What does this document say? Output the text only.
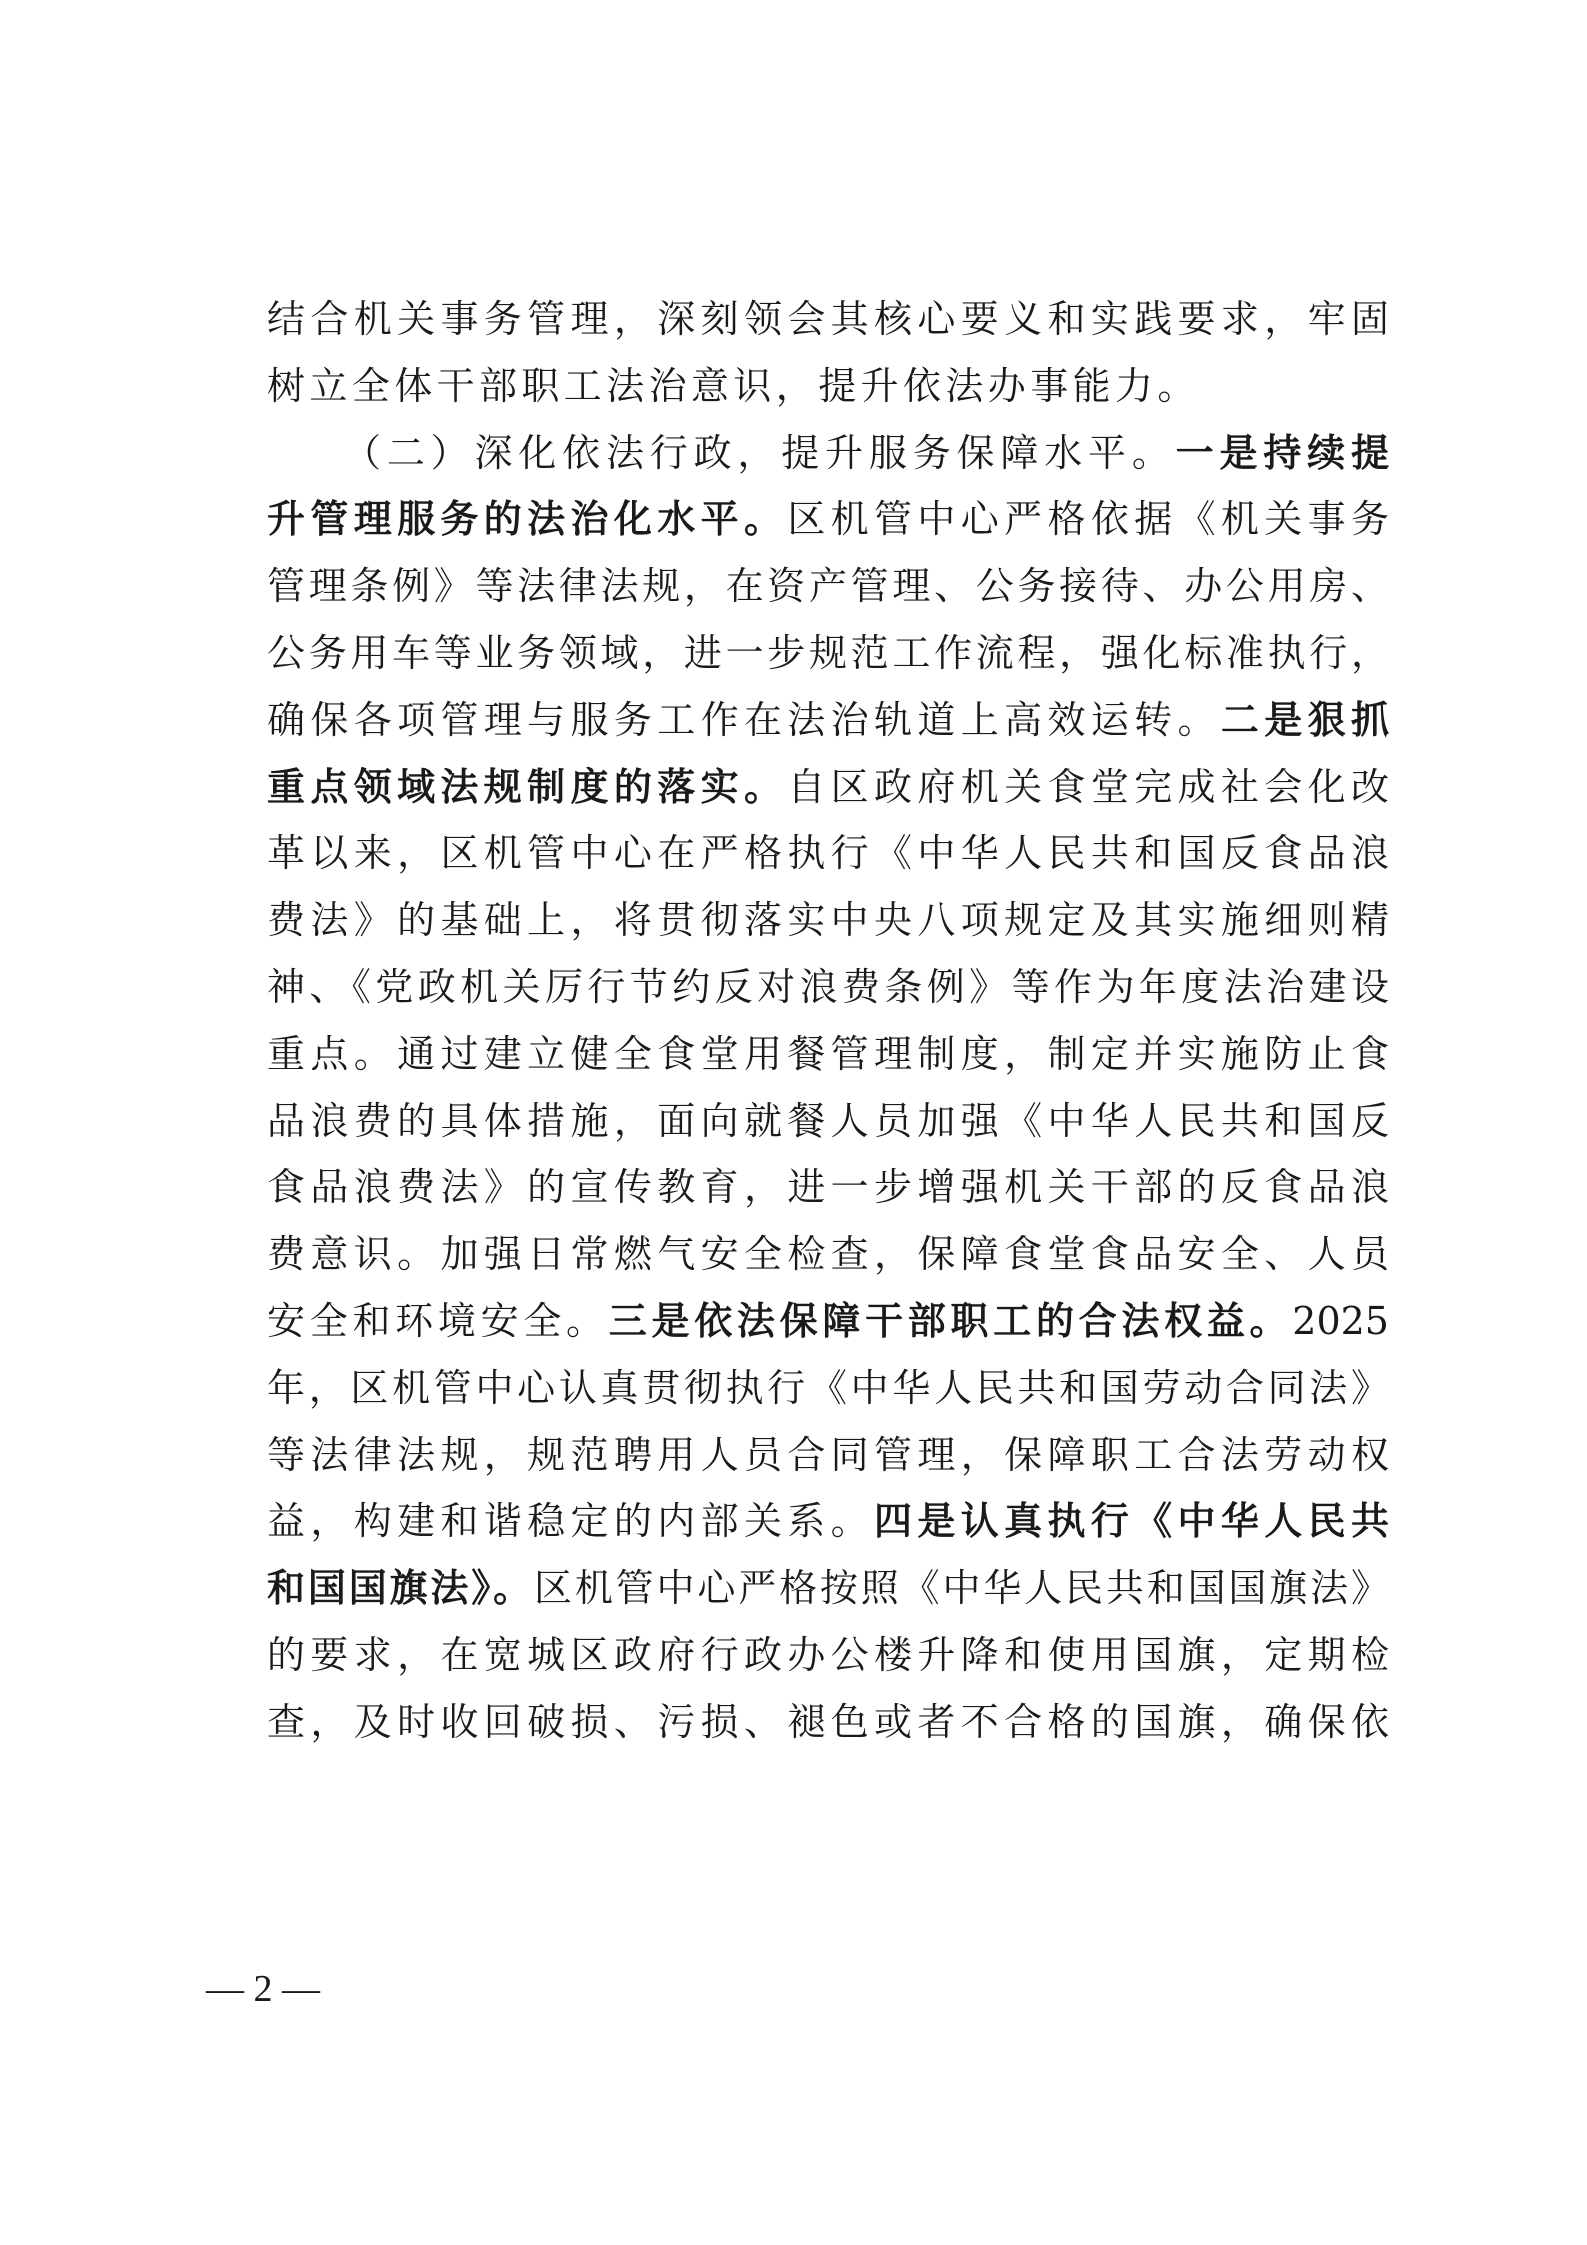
结合机关事务管理，深刻领会其核心要义和实践要求，牢固
树立全体干部职工法治意识，提升依法办事能力。
（二）深化依法行政，提升服务保障水平。一是持续提
升管理服务的法治化水平。区机管中心严格依据《机关事务
管理条例》等法律法规，在资产管理、公务接待、办公用房、
公务用车等业务领域，进一步规范工作流程，强化标准执行，
确保各项管理与服务工作在法治轨道上高效运转。二是狠抓
重点领域法规制度的落实。自区政府机关食堂完成社会化改
革以来，区机管中心在严格执行《中华人民共和国反食品浪
费法》的基础上，将贯彻落实中央八项规定及其实施细则精
神、《党政机关厉行节约反对浪费条例》等作为年度法治建设
重点。通过建立健全食堂用餐管理制度，制定并实施防止食
品浪费的具体措施，面向就餐人员加强《中华人民共和国反
食品浪费法》的宣传教育，进一步增强机关干部的反食品浪
费意识。加强日常燃气安全检查，保障食堂食品安全、人员
安全和环境安全。三是依法保障干部职工的合法权益。2025
年，区机管中心认真贯彻执行《中华人民共和国劳动合同法》
等法律法规，规范聘用人员合同管理，保障职工合法劳动权
益，构建和谐稳定的内部关系。四是认真执行《中华人民共
和国国旗法》。区机管中心严格按照《中华人民共和国国旗法》
的要求，在宽城区政府行政办公楼升降和使用国旗，定期检
查，及时收回破损、污损、褪色或者不合格的国旗，确保依
— 2 —
